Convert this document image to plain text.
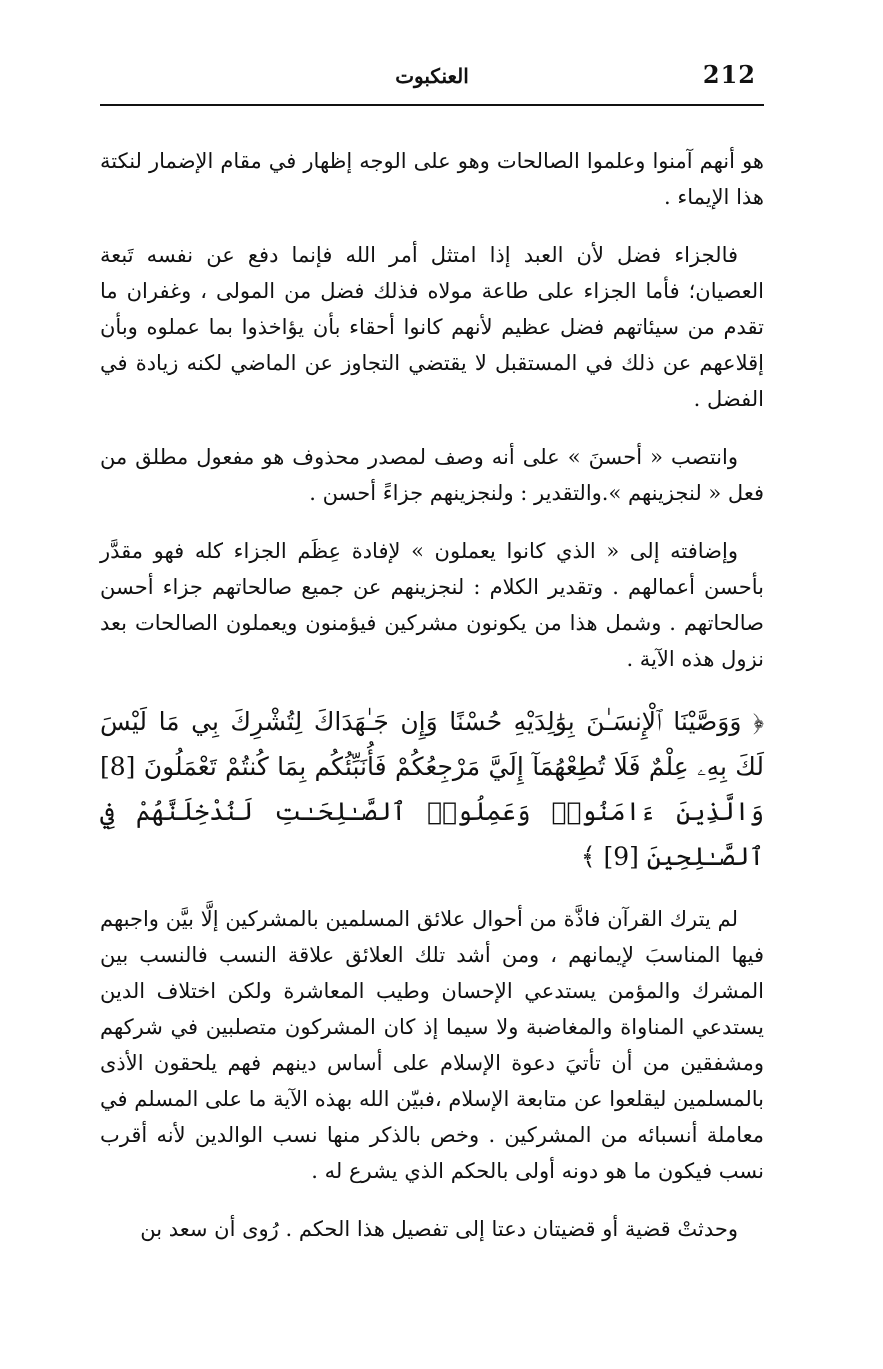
212
العنكبوت

هو أنهم آمنوا وعلموا الصالحات وهو على الوجه إظهار في مقام الإضمار لنكتة هذا الإيماء .

فالجزاء فضل لأن العبد إذا امتثل أمر الله فإنما دفع عن نفسه تَبعة العصيان؛ فأما الجزاء على طاعة مولاه فذلك فضل من المولى ، وغفران ما تقدم من سيئاتهم فضل عظيم لأنهم كانوا أحقاء بأن يؤاخذوا بما عملوه وبأن إقلاعهم عن ذلك في المستقبل لا يقتضي التجاوز عن الماضي لكنه زيادة في الفضل .

وانتصب « أحسنَ » على أنه وصف لمصدر محذوف هو مفعول مطلق من فعل « لنجزينهم ».والتقدير : ولنجزينهم جزاءً أحسن .

وإضافته إلى « الذي كانوا يعملون » لإفادة عِظَم الجزاء كله فهو مقدَّر بأحسن أعمالهم . وتقدير الكلام : لنجزينهم عن جميع صالحاتهم جزاء أحسن صالحاتهم . وشمل هذا من يكونون مشركين فيؤمنون ويعملون الصالحات بعد نزول هذه الآية .

﴿ وَوَصَّيْنَا ٱلْإِنسَـٰنَ بِوَٰلِدَيْهِ حُسْنًا وَإِن جَـٰهَدَاكَ لِتُشْرِكَ بِي مَا لَيْسَ لَكَ بِهِۦ عِلْمٌ فَلَا تُطِعْهُمَآ إِلَيَّ مَرْجِعُكُمْ فَأُنَبِّئُكُم بِمَا كُنتُمْ تَعْمَلُونَ [8] وَالَّذِينَ ءَامَنُوا۟ وَعَمِلُوا۟ ٱلصَّـٰلِحَـٰتِ لَنُدْخِلَنَّهُمْ فِي ٱلصَّـٰلِحِينَ [9] ﴾

لم يترك القرآن فاذَّة من أحوال علائق المسلمين بالمشركين إلَّا بيَّن واجبهم فيها المناسبَ لإيمانهم ، ومن أشد تلك العلائق علاقة النسب فالنسب بين المشرك والمؤمن يستدعي الإحسان وطيب المعاشرة ولكن اختلاف الدين يستدعي المناواة والمغاضبة ولا سيما إذ كان المشركون متصلبين في شركهم ومشفقين من أن تأتيَ دعوة الإسلام على أساس دينهم فهم يلحقون الأذى بالمسلمين ليقلعوا عن متابعة الإسلام ،فبيّن الله بهذه الآية ما على المسلم في معاملة أنسبائه من المشركين . وخص بالذكر منها نسب الوالدين لأنه أقرب نسب فيكون ما هو دونه أولى بالحكم الذي يشرع له .

وحدثتْ قضية أو قضيتان دعتا إلى تفصيل هذا الحكم . رُوى أن سعد بن
